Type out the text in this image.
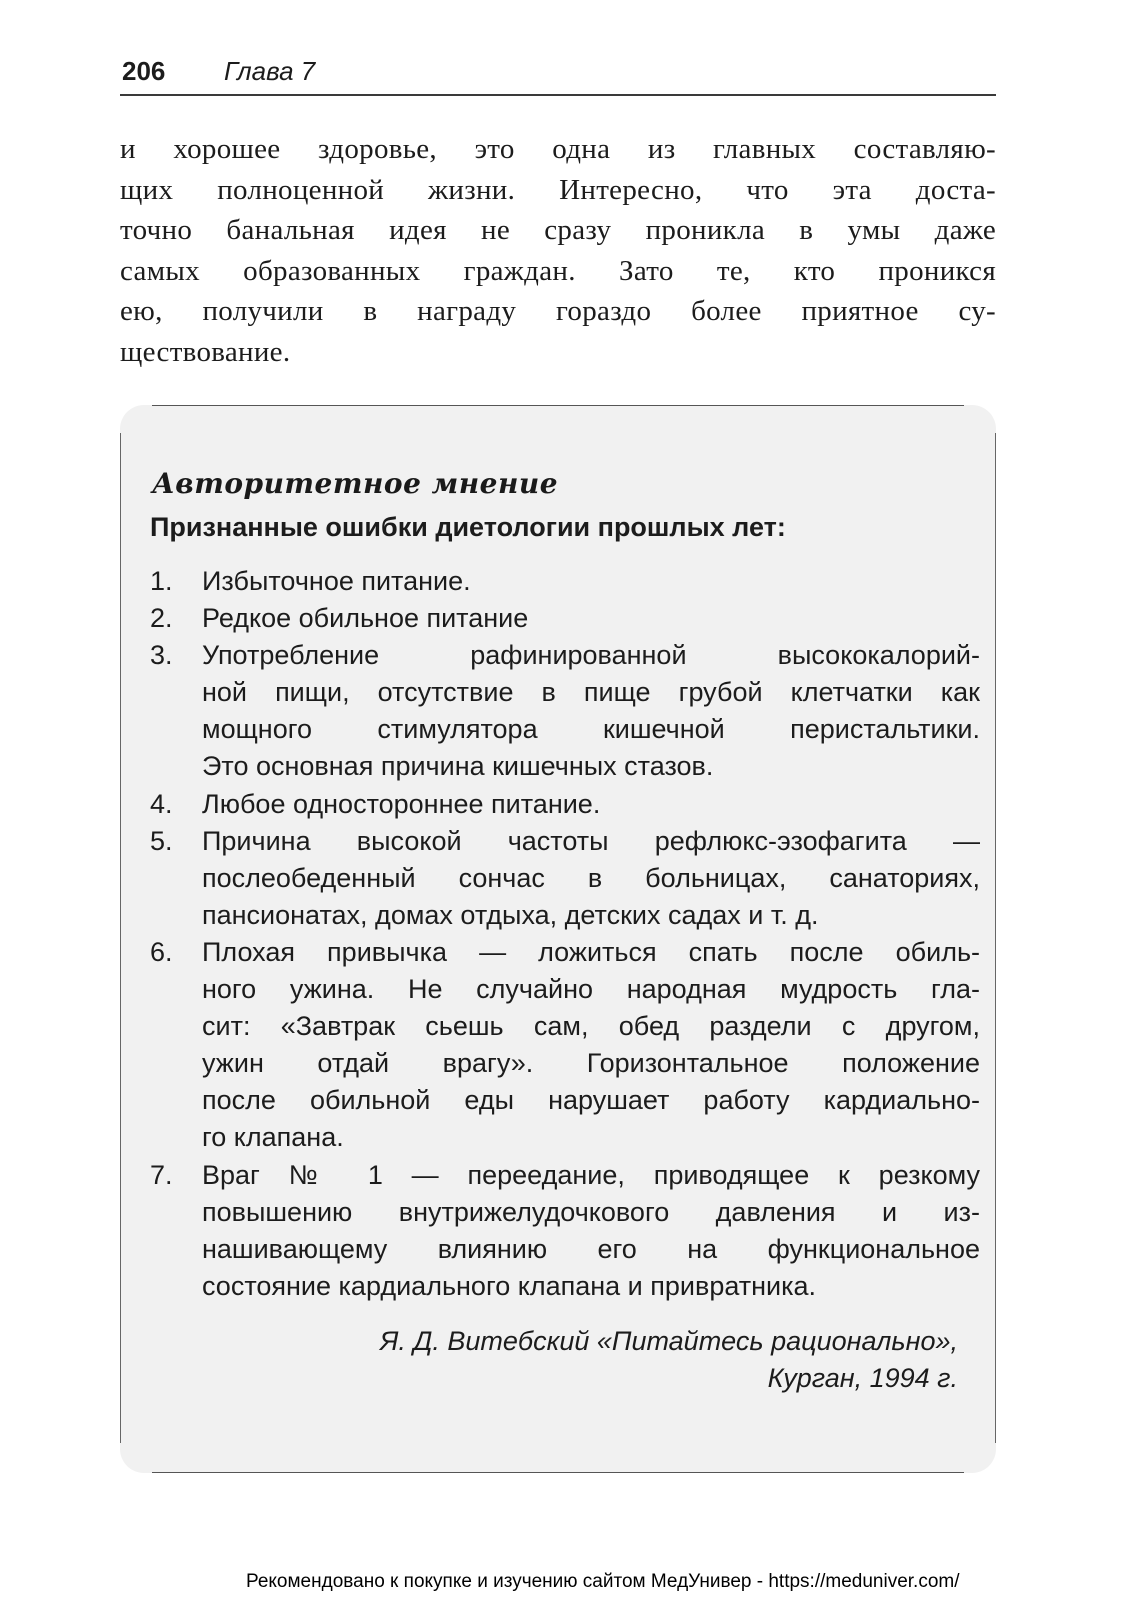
206 Глава 7
и хорошее здоровье, это одна из главных составляю-
щих полноценной жизни. Интересно, что эта доста-
точно банальная идея не сразу проникла в умы даже
самых образованных граждан. Зато те, кто проникся
ею, получили в награду гораздо более приятное су-
ществование.
Авторитетное мнение
Признанные ошибки диетологии прошлых лет:
1.	Избыточное питание.
2.	Редкое обильное питание
3.	Употребление рафинированной высококалорий-
ной пищи, отсутствие в пище грубой клетчатки как
мощного стимулятора кишечной перистальтики.
Это основная причина кишечных стазов.
4.	Любое одностороннее питание.
5.	Причина высокой частоты рефлюкс-эзофагита —
послеобеденный сончас в больницах, санаториях,
пансионатах, домах отдыха, детских садах и т. д.
6.	Плохая привычка — ложиться спать после обиль-
ного ужина. Не случайно народная мудрость гла-
сит: «Завтрак сьешь сам, обед раздели с другом,
ужин отдай врагу». Горизонтальное положение
после обильной еды нарушает работу кардиально-
го клапана.
7.	Враг № 1 — переедание, приводящее к резкому
повышению внутрижелудочкового давления и из-
нашивающему влиянию его на функциональное
состояние кардиального клапана и привратника.
Я. Д. Витебский «Питайтесь рационально»,
Курган, 1994 г.
Рекомендовано к покупке и изучению сайтом МедУнивер - https://meduniver.com/
